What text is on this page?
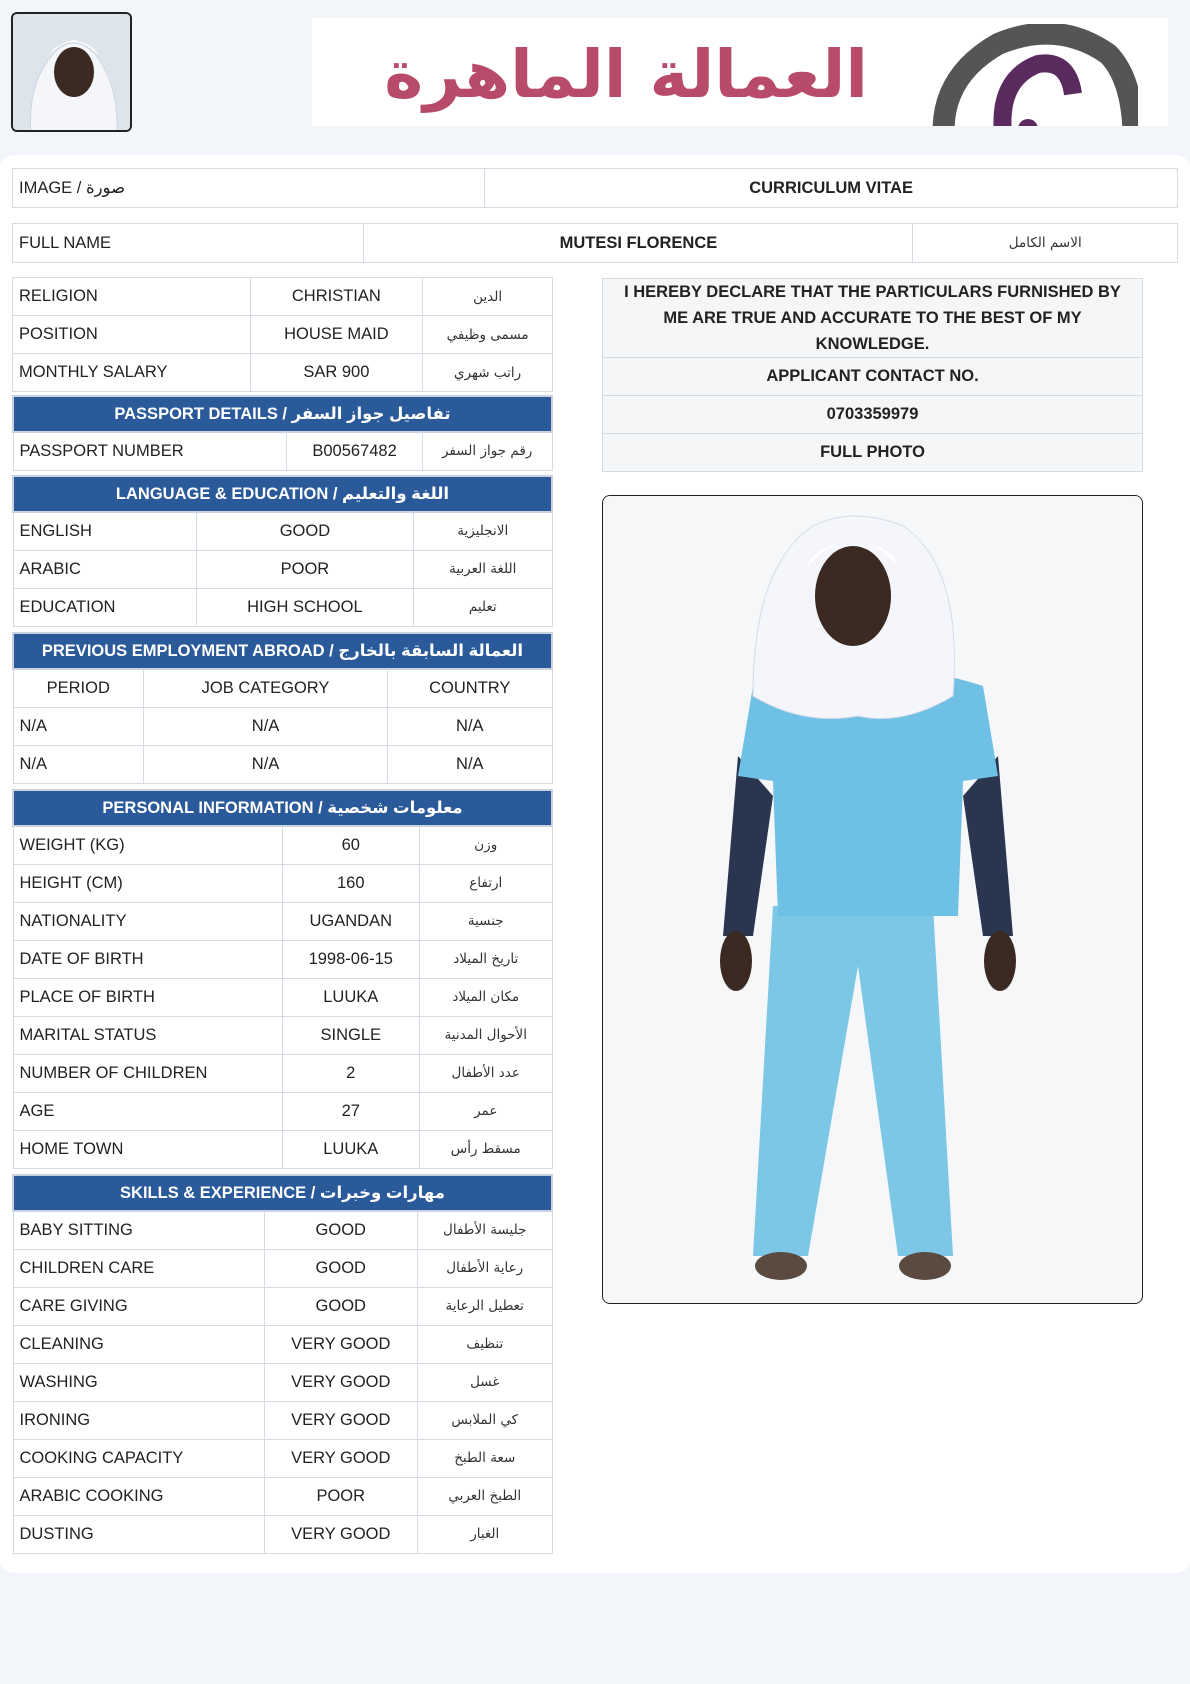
العمالة الماهرة
IMAGE / صورة	CURRICULUM VITAE
FULL NAME	MUTESI FLORENCE	الاسم الكامل
RELIGION	CHRISTIAN	الدين
POSITION	HOUSE MAID	مسمى وظيفي
MONTHLY SALARY	SAR 900	راتب شهري
PASSPORT DETAILS / تفاصيل جواز السفر
PASSPORT NUMBER	B00567482	رقم جواز السفر
LANGUAGE & EDUCATION / اللغة والتعليم		
ENGLISH	GOOD	الانجليزية
ARABIC	POOR	اللغة العربية
EDUCATION	HIGH SCHOOL	تعليم
PREVIOUS EMPLOYMENT ABROAD / العمالة السابقة بالخارج		
PERIOD	JOB CATEGORY	COUNTRY
N/A	N/A	N/A
N/A	N/A	N/A
PERSONAL INFORMATION / معلومات شخصية		
WEIGHT (KG)	60	وزن
HEIGHT (CM)	160	ارتفاع
NATIONALITY	UGANDAN	جنسية
DATE OF BIRTH	1998-06-15	تاريخ الميلاد
PLACE OF BIRTH	LUUKA	مكان الميلاد
MARITAL STATUS	SINGLE	الأحوال المدنية
NUMBER OF CHILDREN	2	عدد الأطفال
AGE	27	عمر
HOME TOWN	LUUKA	مسقط رأس
SKILLS & EXPERIENCE / مهارات وخبرات		
BABY SITTING	GOOD	جليسة الأطفال
CHILDREN CARE	GOOD	رعاية الأطفال
CARE GIVING	GOOD	تعطيل الرعاية
CLEANING	VERY GOOD	تنظيف
WASHING	VERY GOOD	غسل
IRONING	VERY GOOD	كي الملابس
COOKING CAPACITY	VERY GOOD	سعة الطبخ
ARABIC COOKING	POOR	الطبخ العربي
DUSTING	VERY GOOD	الغبار
I HEREBY DECLARE THAT THE PARTICULARS FURNISHED BY ME ARE TRUE AND ACCURATE TO THE BEST OF MY KNOWLEDGE.
APPLICANT CONTACT NO.
0703359979
FULL PHOTO
